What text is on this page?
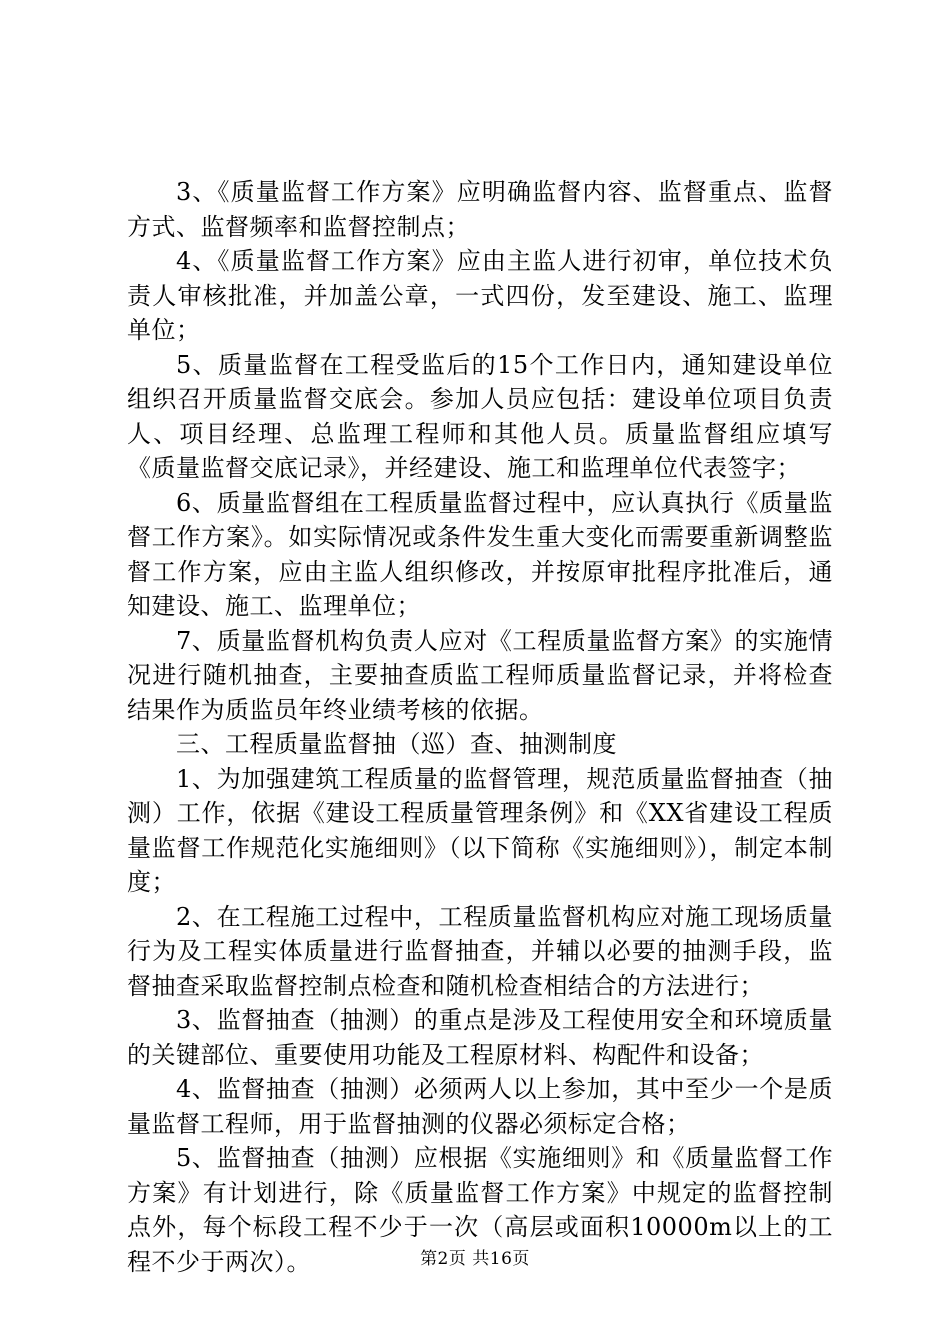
3、《质量监督工作方案》应明确监督内容、监督重点、监督方式、监督频率和监督控制点；

4、《质量监督工作方案》应由主监人进行初审，单位技术负责人审核批准，并加盖公章，一式四份，发至建设、施工、监理单位；

5、质量监督在工程受监后的15个工作日内，通知建设单位组织召开质量监督交底会。参加人员应包括：建设单位项目负责人、项目经理、总监理工程师和其他人员。质量监督组应填写《质量监督交底记录》，并经建设、施工和监理单位代表签字；

6、质量监督组在工程质量监督过程中，应认真执行《质量监督工作方案》。如实际情况或条件发生重大变化而需要重新调整监督工作方案，应由主监人组织修改，并按原审批程序批准后，通知建设、施工、监理单位；

7、质量监督机构负责人应对《工程质量监督方案》的实施情况进行随机抽查，主要抽查质监工程师质量监督记录，并将检查结果作为质监员年终业绩考核的依据。

三、工程质量监督抽（巡）查、抽测制度

1、为加强建筑工程质量的监督管理，规范质量监督抽查（抽测）工作，依据《建设工程质量管理条例》和《XX省建设工程质量监督工作规范化实施细则》（以下简称《实施细则》），制定本制度；

2、在工程施工过程中，工程质量监督机构应对施工现场质量行为及工程实体质量进行监督抽查，并辅以必要的抽测手段，监督抽查采取监督控制点检查和随机检查相结合的方法进行；

3、监督抽查（抽测）的重点是涉及工程使用安全和环境质量的关键部位、重要使用功能及工程原材料、构配件和设备；

4、监督抽查（抽测）必须两人以上参加，其中至少一个是质量监督工程师，用于监督抽测的仪器必须标定合格；

5、监督抽查（抽测）应根据《实施细则》和《质量监督工作方案》有计划进行，除《质量监督工作方案》中规定的监督控制点外，每个标段工程不少于一次（高层或面积10000m以上的工程不少于两次）。	第2页 共16页
